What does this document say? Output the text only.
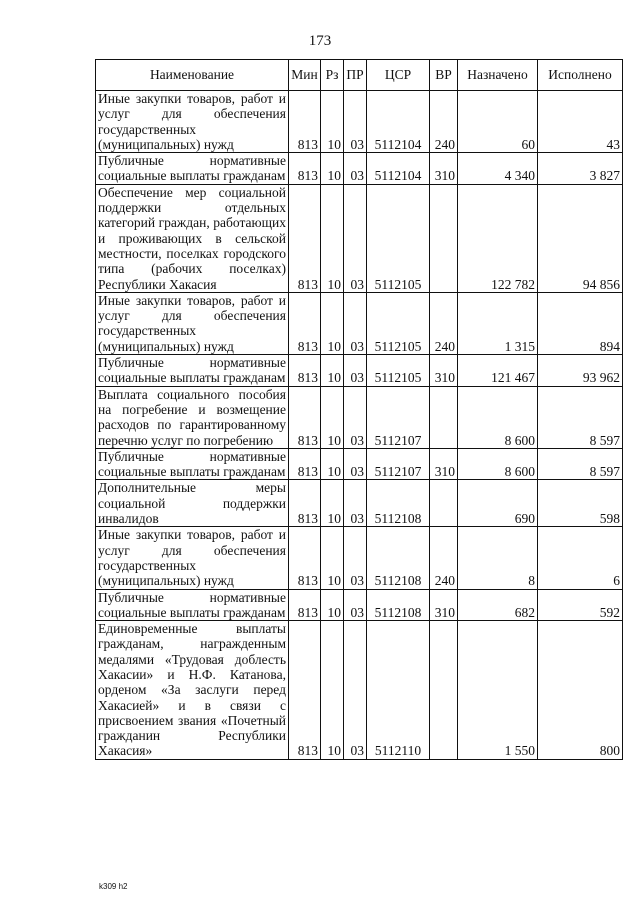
173
Наименование	Мин	Рз	ПР	ЦСР	ВР	Назначено	Исполнено
Иные закупки товаров, работ и услуг для обеспечения государственных (муниципальных) нужд	813	10	03	5112104	240	60	43
Публичные нормативные социальные выплаты гражданам	813	10	03	5112104	310	4 340	3 827
Обеспечение мер социальной поддержки отдельных категорий граждан, работающих и проживающих в сельской местности, поселках городского типа (рабочих поселках) Республики Хакасия	813	10	03	5112105		122 782	94 856
Иные закупки товаров, работ и услуг для обеспечения государственных (муниципальных) нужд	813	10	03	5112105	240	1 315	894
Публичные нормативные социальные выплаты гражданам	813	10	03	5112105	310	121 467	93 962
Выплата социального пособия на погребение и возмещение расходов по гарантированному перечню услуг по погребению	813	10	03	5112107		8 600	8 597
Публичные нормативные социальные выплаты гражданам	813	10	03	5112107	310	8 600	8 597
Дополнительные меры социальной поддержки инвалидов	813	10	03	5112108		690	598
Иные закупки товаров, работ и услуг для обеспечения государственных (муниципальных) нужд	813	10	03	5112108	240	8	6
Публичные нормативные социальные выплаты гражданам	813	10	03	5112108	310	682	592
Единовременные выплаты гражданам, награжденным медалями «Трудовая доблесть Хакасии» и Н.Ф. Катанова, орденом «За заслуги перед Хакасией» и в связи с присвоением звания «Почетный гражданин Республики Хакасия»	813	10	03	5112110		1 550	800
k309 h2
